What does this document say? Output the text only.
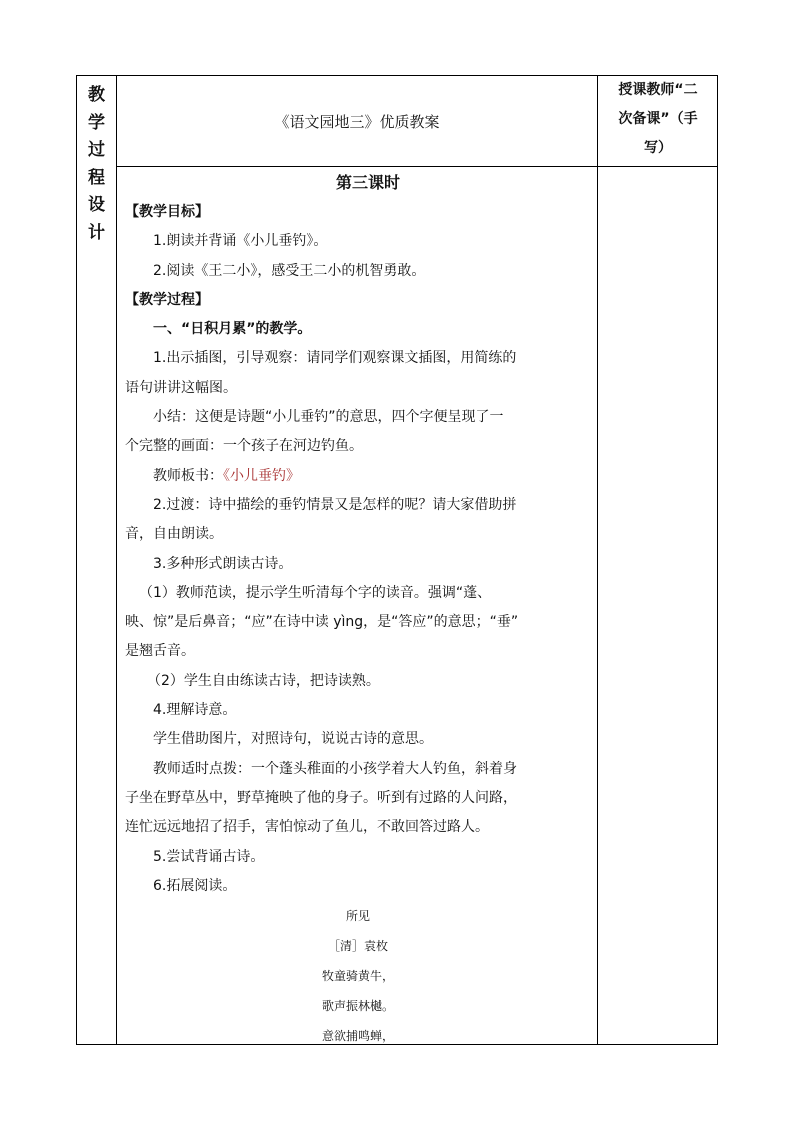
教
学
过
程
设
计
《语文园地三》优质教案
授课教师“二
次备课”（手
写）
第三课时

【教学目标】

1.朗读并背诵《小儿垂钓》。

2.阅读《王二小》，感受王二小的机智勇敢。

【教学过程】

一、“日积月累”的教学。

1.出示插图，引导观察：请同学们观察课文插图，用简练的

语句讲讲这幅图。

小结：这便是诗题“小儿垂钓”的意思，四个字便呈现了一

个完整的画面：一个孩子在河边钓鱼。

教师板书：《小儿垂钓》

2.过渡：诗中描绘的垂钓情景又是怎样的呢？请大家借助拼

音，自由朗读。

3.多种形式朗读古诗。

（1）教师范读，提示学生听清每个字的读音。强调“蓬、

映、惊”是后鼻音；“应”在诗中读 yìng，是“答应”的意思；“垂”

是翘舌音。

（2）学生自由练读古诗，把诗读熟。

4.理解诗意。

学生借助图片，对照诗句，说说古诗的意思。

教师适时点拨：一个蓬头稚面的小孩学着大人钓鱼，斜着身

子坐在野草丛中，野草掩映了他的身子。听到有过路的人问路，

连忙远远地招了招手，害怕惊动了鱼儿，不敢回答过路人。

5.尝试背诵古诗。

6.拓展阅读。

所见

［清］袁枚

牧童骑黄牛，

歌声振林樾。

意欲捕鸣蝉，
